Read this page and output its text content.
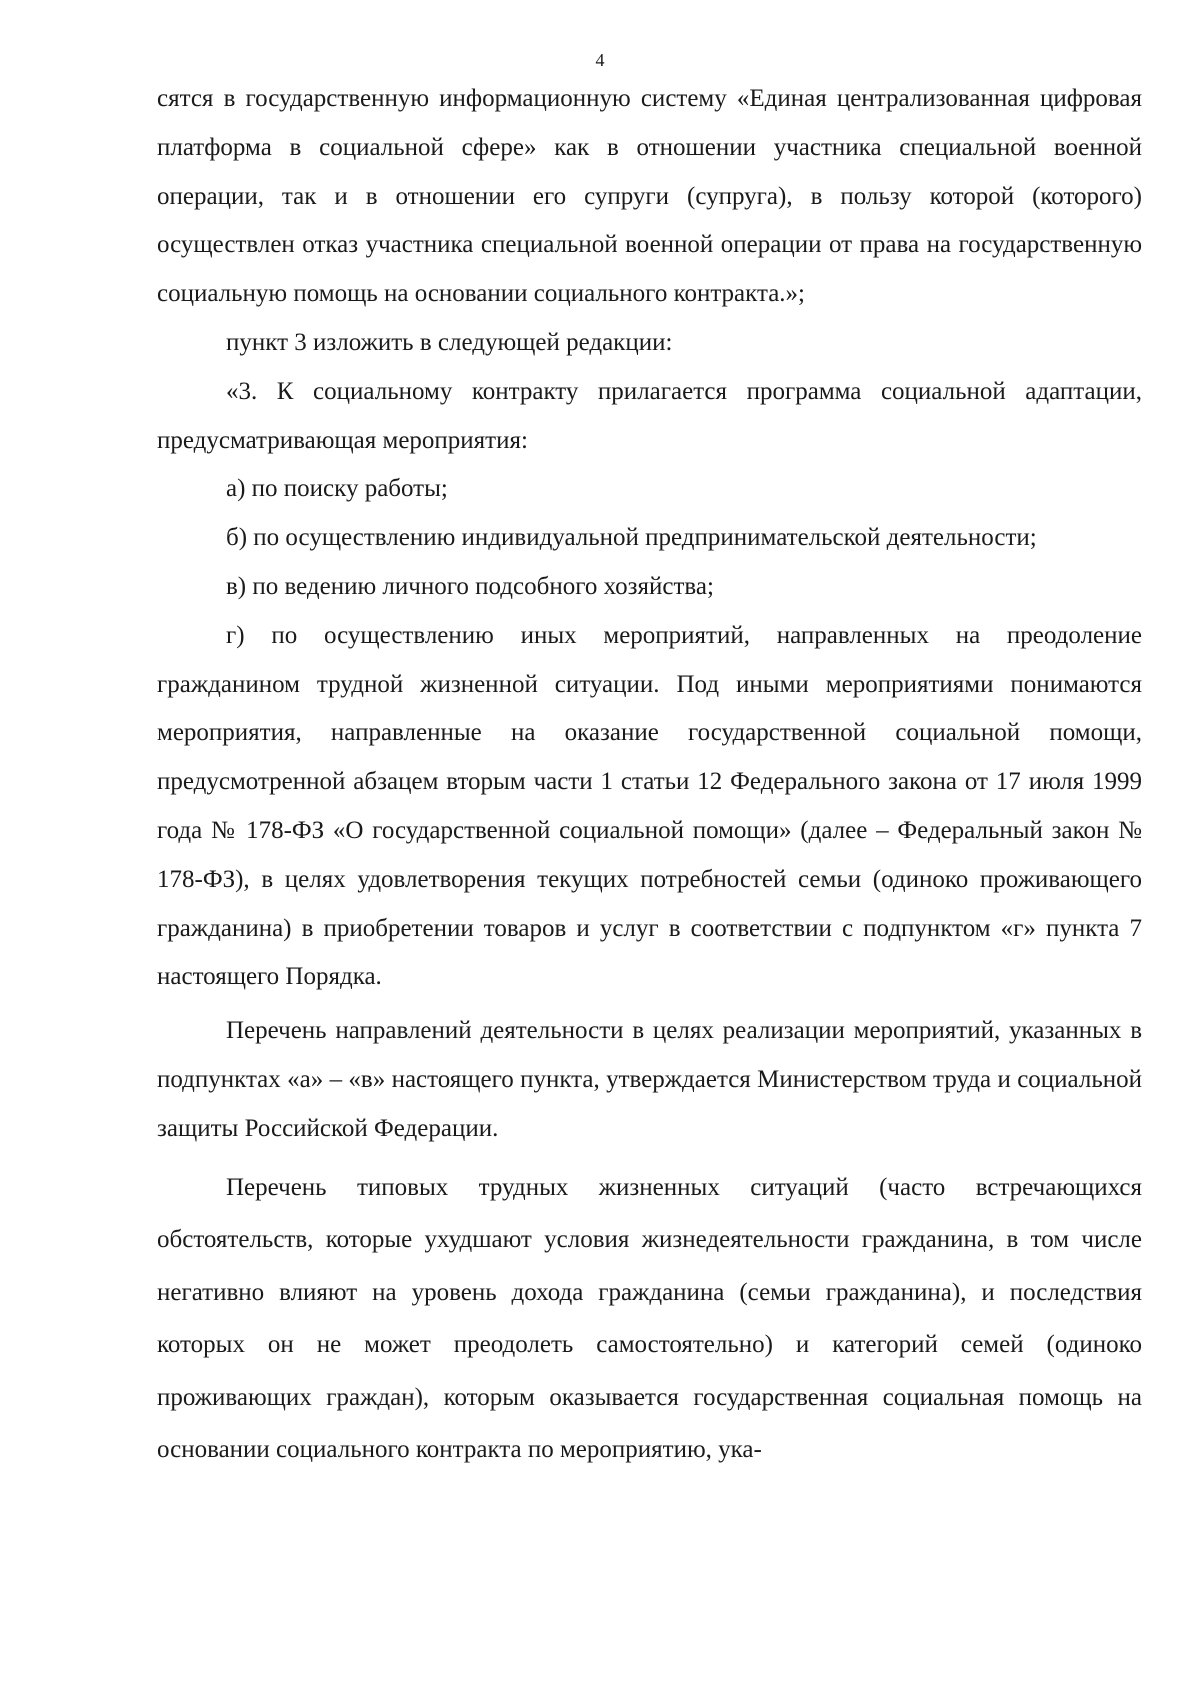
4

сятся в государственную информационную систему «Единая централизованная цифровая платформа в социальной сфере» как в отношении участника специальной военной операции, так и в отношении его супруги (супруга), в пользу которой (которого) осуществлен отказ участника специальной военной операции от права на государственную социальную помощь на основании социального контракта.»;

пункт 3 изложить в следующей редакции:

«3. К социальному контракту прилагается программа социальной адаптации, предусматривающая мероприятия:

а) по поиску работы;

б) по осуществлению индивидуальной предпринимательской деятельности;

в) по ведению личного подсобного хозяйства;

г) по осуществлению иных мероприятий, направленных на преодоление гражданином трудной жизненной ситуации. Под иными мероприятиями понимаются мероприятия, направленные на оказание государственной социальной помощи, предусмотренной абзацем вторым части 1 статьи 12 Федерального закона от 17 июля 1999 года № 178-ФЗ «О государственной социальной помощи» (далее – Федеральный закон № 178-ФЗ), в целях удовлетворения текущих потребностей семьи (одиноко проживающего гражданина) в приобретении товаров и услуг в соответствии с подпунктом «г» пункта 7 настоящего Порядка.

Перечень направлений деятельности в целях реализации мероприятий, указанных в подпунктах «а» – «в» настоящего пункта, утверждается Министерством труда и социальной защиты Российской Федерации.

Перечень типовых трудных жизненных ситуаций (часто встречающихся обстоятельств, которые ухудшают условия жизнедеятельности гражданина, в том числе негативно влияют на уровень дохода гражданина (семьи гражданина), и последствия которых он не может преодолеть самостоятельно) и категорий семей (одиноко проживающих граждан), которым оказывается государственная социальная помощь на основании социального контракта по мероприятию, ука-
